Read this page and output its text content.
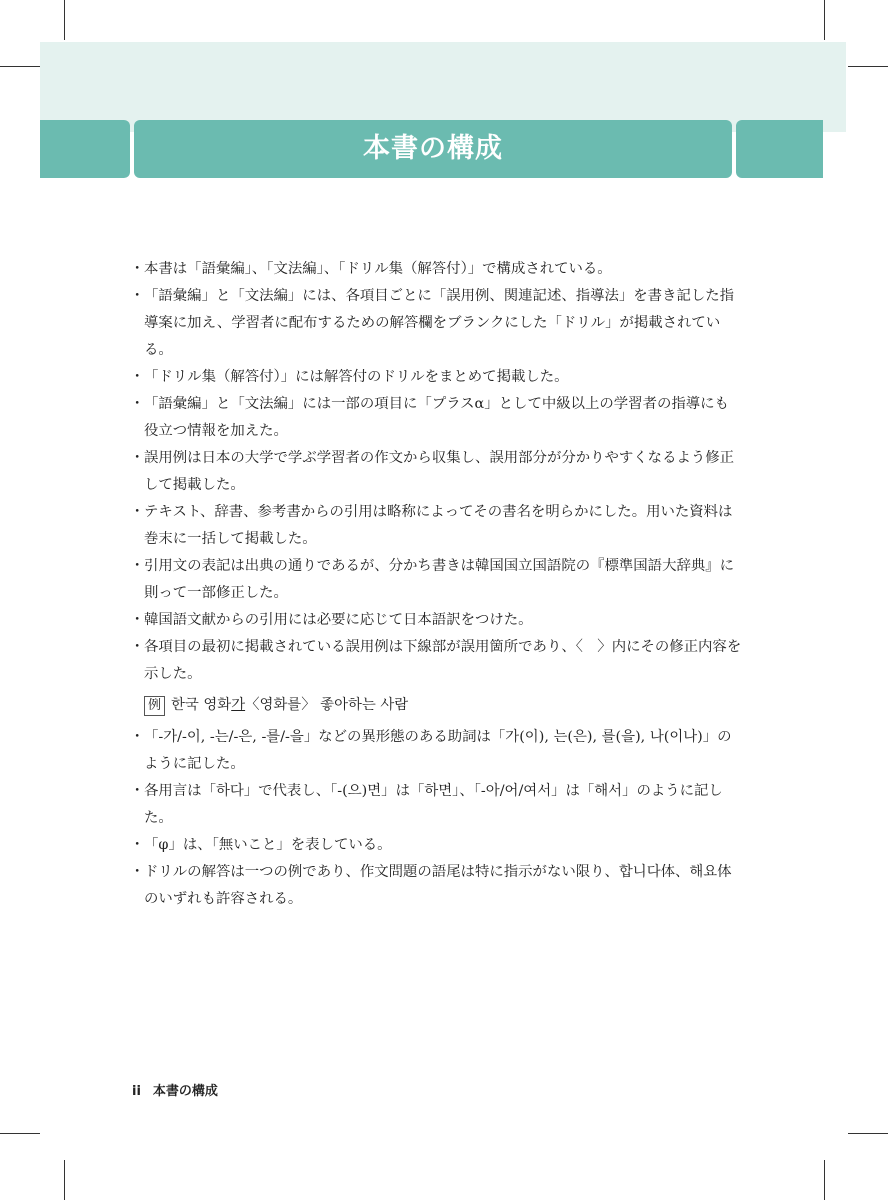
本書の構成
・ 本書は「語彙編」、「文法編」、「ドリル集（解答付）」で構成されている。
・ 「語彙編」と「文法編」には、各項目ごとに「誤用例、関連記述、指導法」を書き記した指導案に加え、学習者に配布するための解答欄をブランクにした「ドリル」が掲載されている。
・ 「ドリル集（解答付）」には解答付のドリルをまとめて掲載した。
・ 「語彙編」と「文法編」には一部の項目に「プラスα」として中級以上の学習者の指導にも役立つ情報を加えた。
・ 誤用例は日本の大学で学ぶ学習者の作文から収集し、誤用部分が分かりやすくなるよう修正して掲載した。
・ テキスト、辞書、参考書からの引用は略称によってその書名を明らかにした。用いた資料は巻末に一括して掲載した。
・ 引用文の表記は出典の通りであるが、分かち書きは韓国国立国語院の『標準国語大辞典』に則って一部修正した。
・ 韓国語文献からの引用には必要に応じて日本語訳をつけた。
・ 各項目の最初に掲載されている誤用例は下線部が誤用箇所であり、〈　〉内にその修正内容を示した。
例 한국 영화가〈영화를〉 좋아하는 사람
・ 「-가/-이, -는/-은, -를/-을」などの異形態のある助詞は「가(이), 는(은), 를(을), 나(이나)」のように記した。
・ 各用言は「하다」で代表し、「-(으)면」は「하면」、「-아/어/여서」は「해서」のように記した。
・ 「φ」は、「無いこと」を表している。
・ ドリルの解答は一つの例であり、作文問題の語尾は特に指示がない限り、합니다体、해요体のいずれも許容される。
ii 本書の構成
